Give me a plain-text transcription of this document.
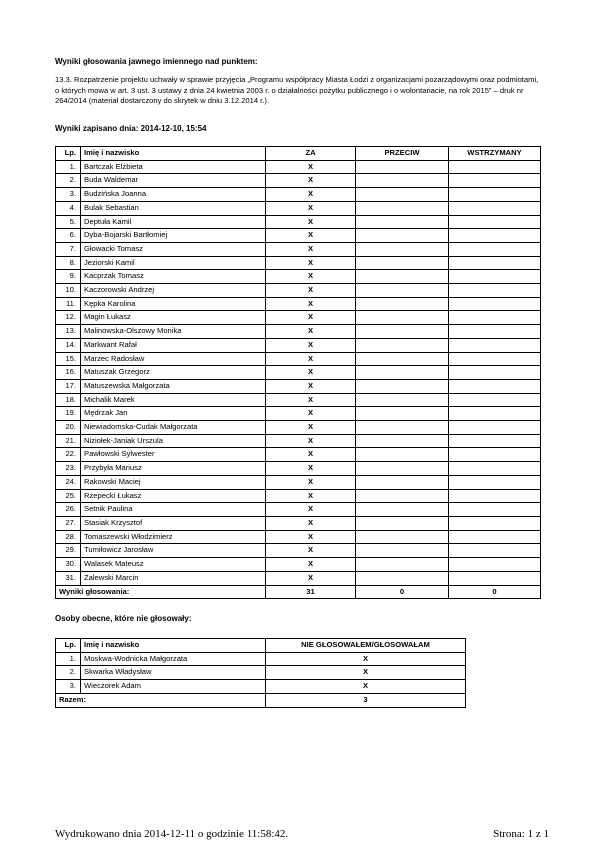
Wyniki głosowania jawnego imiennego nad punktem:
13.3. Rozpatrzenie projektu uchwały w sprawie przyjęcia „Programu współpracy Miasta Łodzi z organizacjami pozarządowymi oraz podmiotami, o których mowa w art. 3 ust. 3 ustawy z dnia 24 kwietnia 2003 r. o działalności pożytku publicznego i o wolontariacie, na rok 2015” – druk nr 264/2014 (materiał dostarczony do skrytek w dniu 3.12.2014 r.).
Wyniki zapisano dnia: 2014-12-10, 15:54
Lp.	Imię i nazwisko	ZA	PRZECIW	WSTRZYMANY
1.	Bartczak Elżbieta	X		
2.	Buda Waldemar	X		
3.	Budzińska Joanna	X		
4.	Bulak Sebastian	X		
5.	Deptuła Kamil	X		
6.	Dyba-Bojarski Bartłomiej	X		
7.	Głowacki Tomasz	X		
8.	Jeziorski Kamil	X		
9.	Kacprzak Tomasz	X		
10.	Kaczorowski Andrzej	X		
11.	Kępka Karolina	X		
12.	Magin Łukasz	X		
13.	Malinowska-Olszowy Monika	X		
14.	Markwant Rafał	X		
15.	Marzec Radosław	X		
16.	Matuszak Grzegorz	X		
17.	Matuszewska Małgorzata	X		
18.	Michalik Marek	X		
19.	Mędrzak Jan	X		
20.	Niewiadomska-Cudak Małgorzata	X		
21.	Niziołek-Janiak Urszula	X		
22.	Pawłowski Sylwester	X		
23.	Przybyła Mariusz	X		
24.	Rakowski Maciej	X		
25.	Rzepecki Łukasz	X		
26.	Setnik Paulina	X		
27.	Stasiak Krzysztof	X		
28.	Tomaszewski Włodzimierz	X		
29.	Tumiłowicz Jarosław	X		
30.	Walasek Mateusz	X		
31.	Zalewski Marcin	X		
Wyniki głosowania:		31	0	0
Osoby obecne, które nie głosowały:
Lp.	Imię i nazwisko	NIE GŁOSOWAŁEM/GŁOSOWAŁAM
1.	Moskwa-Wodnicka Małgorzata	X
2.	Skwarka Władysław	X
3.	Wieczorek Adam	X
Razem:		3
Wydrukowano dnia 2014-12-11 o godzinie 11:58:42.	Strona: 1 z 1
